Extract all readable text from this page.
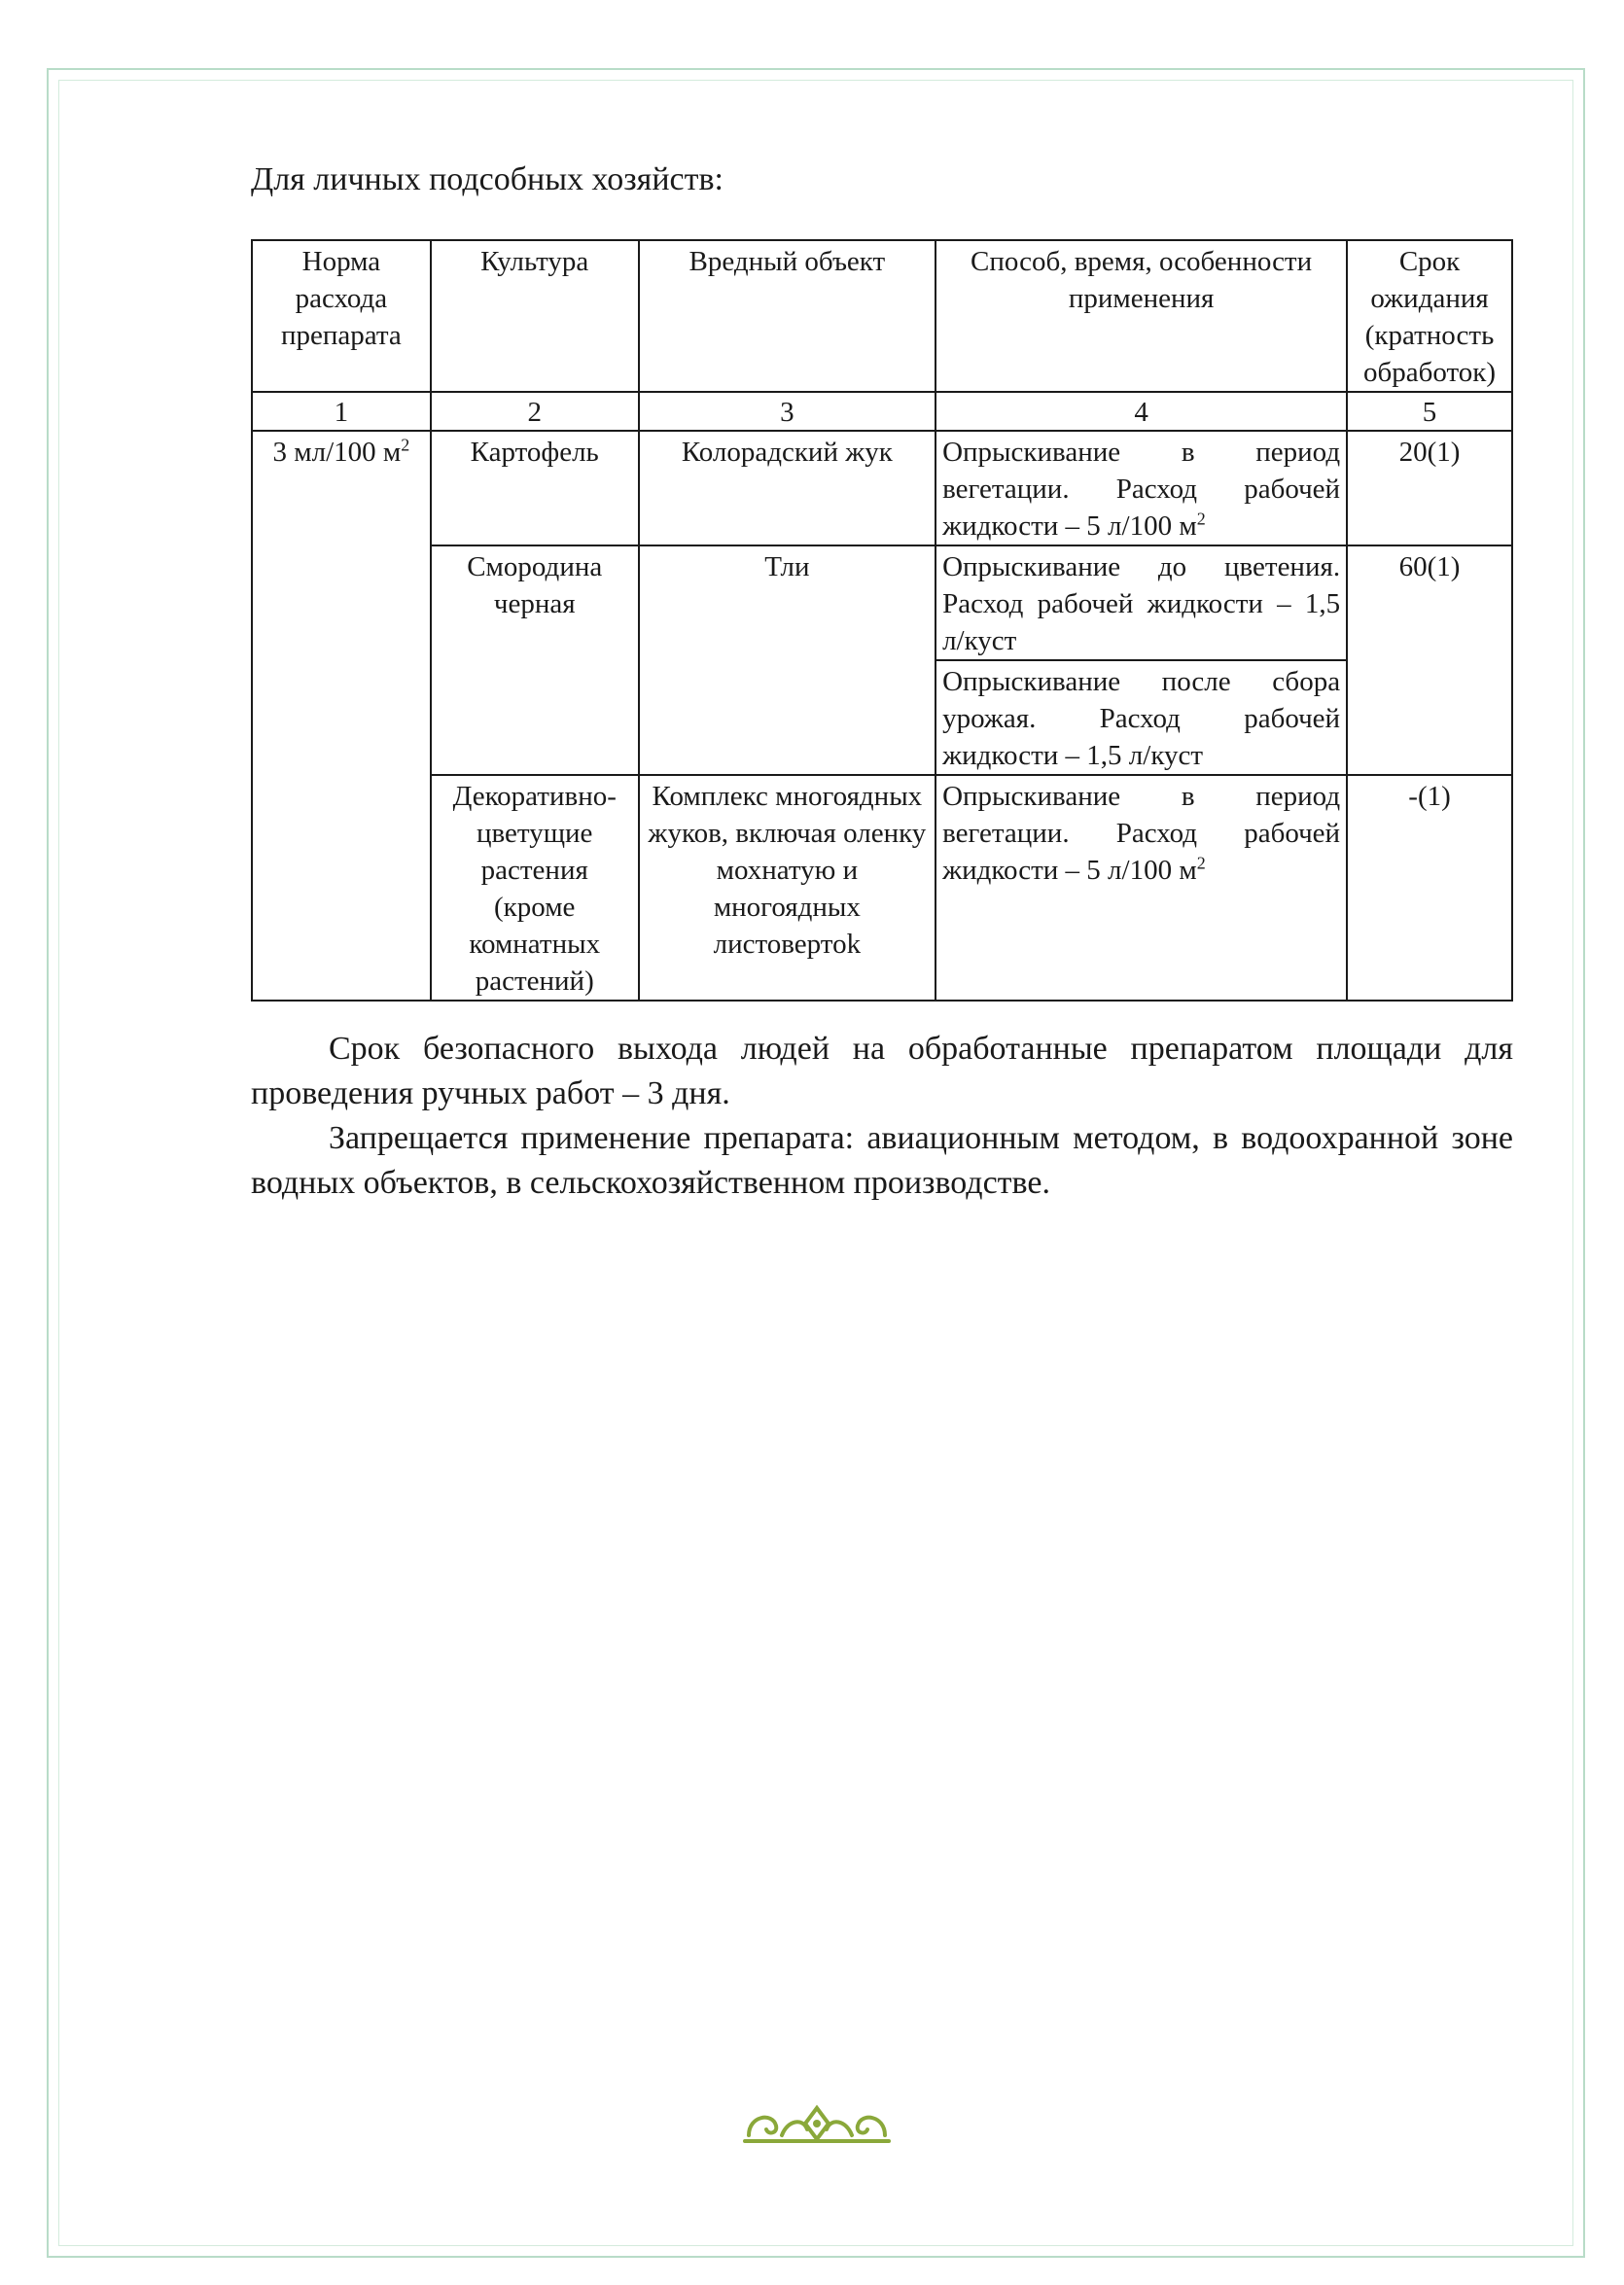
Для личных подсобных хозяйств:
Норма расхода препарата	Культура	Вредный объект	Способ, время, особенности применения	Срок ожидания (кратность обработок)
1	2	3	4	5
3 мл/100 $м^2$	Картофель	Колорадский жук	Опрыскивание в период вегетации. Расход рабочей жидкости – 5 л/100 $м^2$	20(1)
	Смородина черная	Тли	Опрыскивание до цветения. Расход рабочей жидкости – 1,5 л/куст	60(1)
			Опрыскивание после сбора урожая. Расход рабочей жидкости – 1,5 л/куст	
	Декоративно-цветущие растения (кроме комнатных растений)	Комплекс многоядных жуков, включая оленку мохнатую и многоядных листовертоk	Опрыскивание в период вегетации. Расход рабочей жидкости – 5 л/100 $м^2$	-(1)
Срок безопасного выхода людей на обработанные препаратом площади для проведения ручных работ – 3 дня.
Запрещается применение препарата: авиационным методом, в водоохранной зоне водных объектов, в сельскохозяйственном производстве.
